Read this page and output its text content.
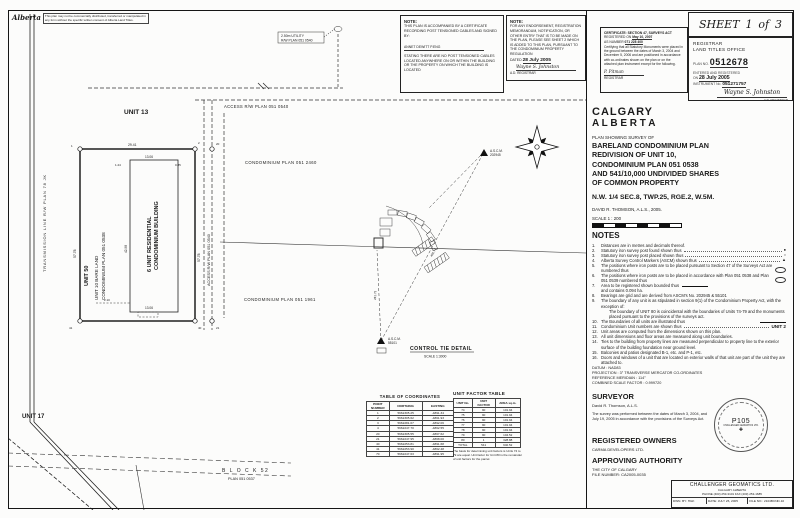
2.50m UTILITY
R/W PLAN 051 0540
1
2	20
21
40
41
UNIT 13
ACCESS R/W PLAN 051 0540
CONDOMINIUM PLAN 051 2460
CONDOMINIUM PLAN 051 1961
ACCESS R/W PLAN 051 0540
UNIT 10 BARE LAND CONDOMINIUM PLAN 051 0538
UNIT 50
6 UNIT RESIDENTIAL CONDOMINIUM BUILDING
TRANSMISSION LINE R/W PLAN 78 JK
UNIT 17
B L O C K 52
PLAN 051 0537
29.41
57.78	57.78
13.06
13.06
42.98
1.24	0.85
2.10
A.S.C.M.
55101
A.S.C.M.
202945
281.73
492.71
CONTROL TIE DETAIL
SCALE 1:3000
Alberta	This plan may not be commercially distributed, transferred or manipulated in any form without the specific written consent of Alberta Land Titles.	NOTE:
THIS PLAN IS ACCOMPANIED BY A CERTIFICATE RECORDING POST TENSIONED CABLES AND SIGNED BY:
ANNET DEWITT P.ENG
STATING THERE ARE NO POST TENSIONED CABLES LOCATED ANYWHERE ON OR WITHIN THE BUILDING OR THE PROPERTY ON WHICH THE BUILDING IS LOCATED
NOTE:
FOR ANY ENDORSEMENT, REGISTRATION MEMORANDUM, NOTIFICATION, OR OTHER ENTRY THAT IS TO BE MADE ON THE PLAN, PLEASE SEE SHEET 2 WHICH IS ADDED TO THIS PLAN, PURSUANT TO THE CONDOMINIUM PROPERTY REGULATION
DATED 28 July 2005
Wayne S. Johnston
A.D. REGISTRAR
CERTIFICATE: SECTION 47, SURVEYS ACT
REGISTERED ON May 10, 2007
AS NUMBER 071 228 400
Certifying that all Statutory Monuments were placed in the ground between the dates of March 3, 2004 and December 5, 2006 and are positioned in accordance with co-ordinates shown on the plan or on the attached plan instrument except for the following.
P. Pitman
REGISTRAR
SHEET 1 of 3
REGISTRAR
LAND TITLES OFFICE
PLAN NO. 0512678
ENTERED AND REGISTERED
ON 28 July 2005
INSTRUMENT No. 051271757
Wayne S. Johnston
A.D. REGISTRAR
CALGARY
A L B E R T A
PLAN SHOWING SURVEY OF
BARELAND CONDOMINIUM PLAN
REDIVISION OF UNIT 10,
CONDOMINIUM PLAN 051 0538
AND 541/10,000 UNDIVIDED SHARES
OF COMMON PROPERTY
N.W. 1/4 SEC.8, TWP.25, RGE.2, W.5M.
DAVID R. THOMSON, A.L.S., 2005.
SCALE 1 : 200
NOTES
1.	Distances are in metres and decimals thereof.
2.	Statutory iron survey post found shown thus	●
3.	Statutory iron survey post placed shown thus	○
4.	Alberta Survey Control Markers (ASCM) shown thus	▲
5.	The positions where iron posts are to be placed pursuant to Section 47 of the Surveys Act are numbered thus
6.	The positions where iron posts are to be placed in accordance with Plan 051 0538 and Plan 051 0539 numbered thus
7.	Area to be registered shown bounded thus
and contains 0.094 ha.
8.	Bearings are grid and are derived from ASCM's No. 202945 & 55101
9.	The boundary of any unit is as stipulated in section 9(1) of the Condominium Property Act, with the exception of:
The boundary of UNIT 80 is coincidental with the boundaries of Units 74-79 and the monuments placed pursuant to the provisions of the surveys act.
10. The Boundaries of all units are illustrated thus
11. Condominium Unit numbers are shown thus	UNIT 2
12. Unit areas are computed from the dimensions shown on this plan.
13. All unit dimensions and floor areas are measured along unit boundaries.
14. Ties to the building from property lines are measured perpendicular to property line to the exterior surface of the building foundation near ground level.
15. Balconies and patios designated B-1, etc. and P-1, etc.
16. Doors and windows of a unit that are located on exterior walls of that unit are part of the unit they are attached to.
DATUM : NAD83
PROJECTION : 3° TRANSVERSE MERCATOR CO-ORDINATES
REFERENCE MERIDIAN : 114°
COMBINED SCALE FACTOR : 0.999720
SURVEYOR
David R. Thomson, A.L.S.
The survey was performed between the dates of March 3, 2004, and July 19, 2005 in accordance with the provisions of the Surveys Act.	P105
CHALLENGER GEOMATICS LTD.
✚
REGISTERED OWNERS
CARMA DEVELOPERS LTD.
APPROVING AUTHORITY
THE CITY OF CALGARY
FILE NUMBER: CA2005-0035
CHALLENGER GEOMATICS LTD.
CALGARY ALBERTA
PHONE (403) 253-3101 FAX (403) 253-1685
DWN. BY: HGK	DATE: JULY 26, 2005	FILE NO.: 2104BCND-10
TABLE OF COORDINATES
POINT NUMBER	NORTHING	EASTING
1	5662305.25	-4891.34
2	5662305.62	-4861.93
3	5662281.07	-4892.06
4	5662247.70	-4862.55
20	5662305.55	-4867.62
21	5662247.95	-4868.00
40	5662253.81	-4891.68
41	5662253.90	-4862.48
70	5662247.63	-4891.95
UNIT FACTOR TABLE
UNIT No.	UNIT FACTOR	AREA sq.m.
74	90	101.94
75	90	101.94
76	90	101.94
77	90	101.94
78	90	101.94
79	90	104.52
80	1	328.88
TOTAL	541	940.52
The basis for determining unit factors is Units 74 to 79 are equal. Unit factor for Unit 80 is the remainder of unit factors for the parcel.
